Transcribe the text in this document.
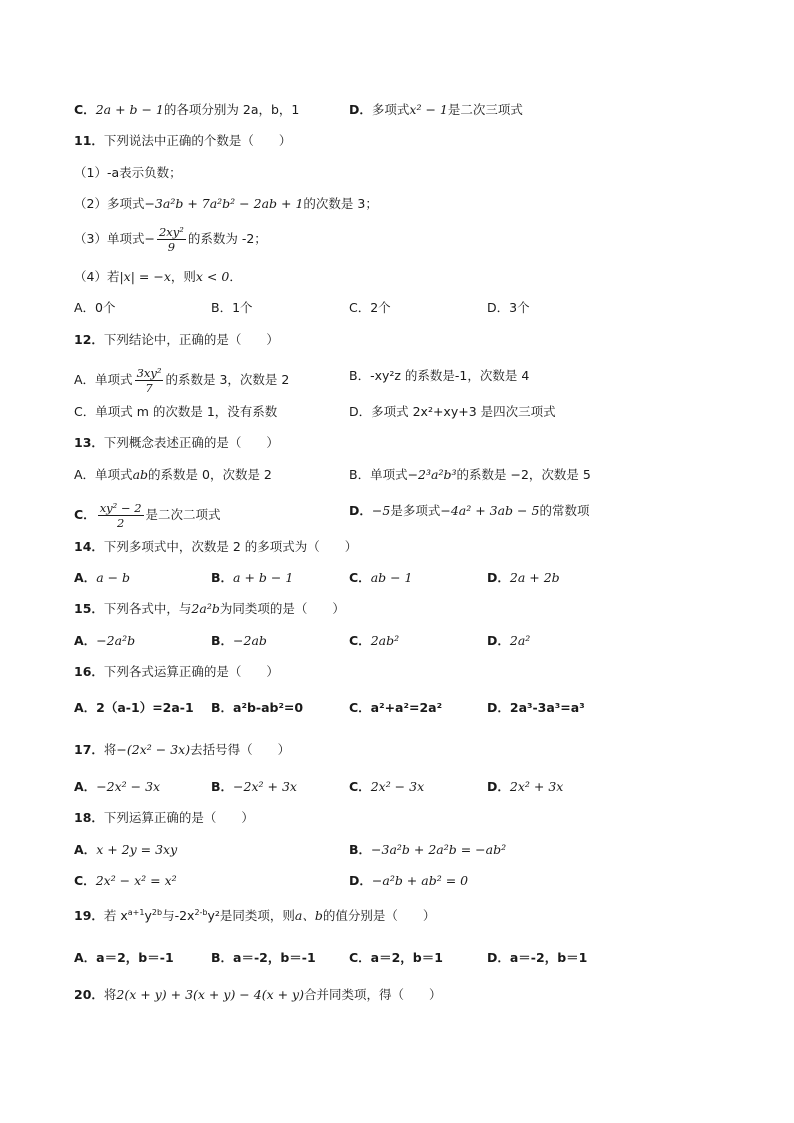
C．2a + b − 1的各项分别为 2a，b，1	D．多项式x² − 1是二次三项式
11．下列说法中正确的个数是（　　）
（1）-a表示负数；
（2）多项式−3a²b + 7a²b² − 2ab + 1的次数是 3；
（3）单项式− $\frac{\text{2xy²}}{9}$ 的系数为 -2；
（4）若|x| = −x，则x < 0．
A．0个	B．1个	C．2个	D．3个
12．下列结论中，正确的是（　　）
A．单项式 $\frac{\text{3xy²}}{7}$ 的系数是 3，次数是 2	B．-xy²z 的系数是-1，次数是 4
C．单项式 m 的次数是 1，没有系数	D．多项式 2x²+xy+3 是四次三项式
13．下列概念表述正确的是（　　）
A．单项式ab的系数是 0，次数是 2	B．单项式−2³a²b³的系数是 −2，次数是 5
C． $\frac{\text{xy² − 2}}{2}$ 是二次二项式	D．−5是多项式−4a² + 3ab − 5的常数项
14．下列多项式中，次数是 2 的多项式为（　　）
A．a − b	B．a + b − 1	C．ab − 1	D．2a + 2b
15．下列各式中，与2a²b为同类项的是（　　）
A．−2a²b	B．−2ab	C．2ab²	D．2a²
16．下列各式运算正确的是（　　）
A．2（a-1）=2a-1 B．a²b-ab²=0	C．a²+a²=2a²	D．2a³-3a³=a³
17．将−(2x² − 3x)去括号得（　　）
A．−2x² − 3x	B．−2x² + 3x	C．2x² − 3x	D．2x² + 3x
18．下列运算正确的是（　　）
A．x + 2y = 3xy	B．−3a²b + 2a²b = −ab²
C．2x² − x² = x²	D．−a²b + ab² = 0
19．若 $x^{a+1}y^{2b}$与$-2x^{2-b}y^2$是同类项，则a、b的值分别是（　　）
A．a＝2，b＝-1	B．a＝-2，b＝-1	C．a＝2，b＝1	D．a＝-2，b＝1
20．将2(x + y) + 3(x + y) − 4(x + y)合并同类项，得（　　）
